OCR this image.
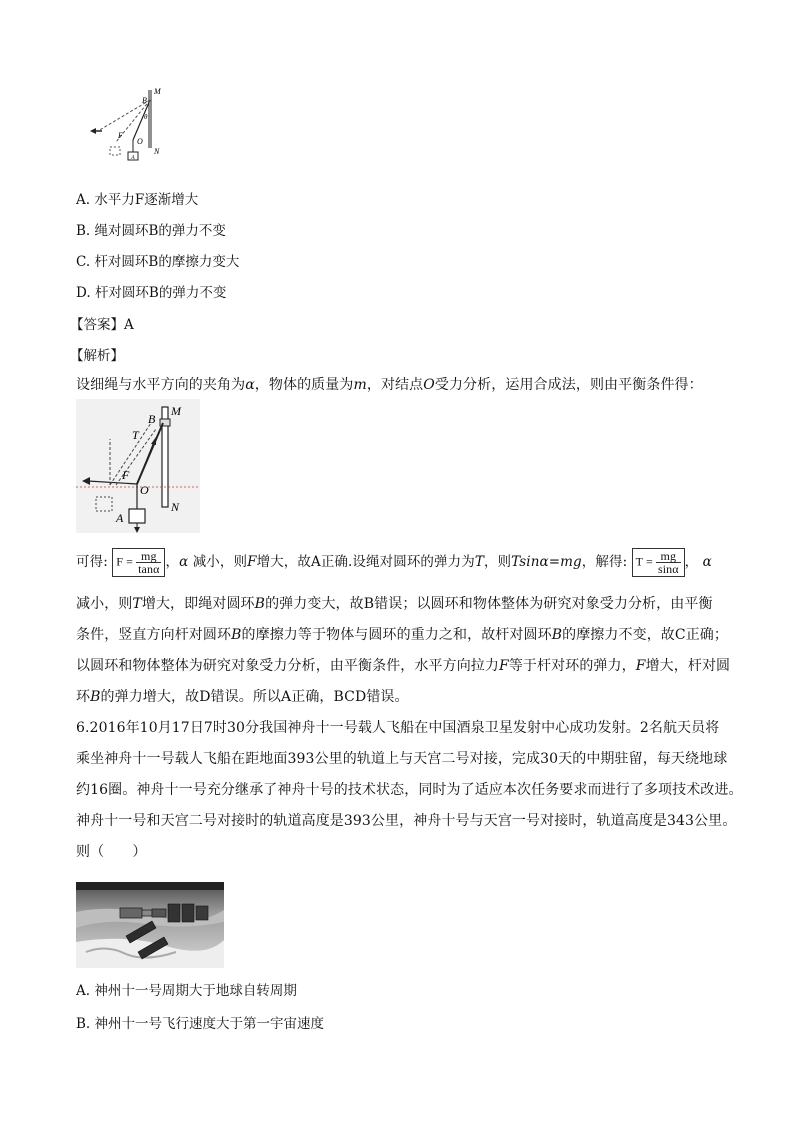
B
M
θ
F
O
N
A
A. 水平力F逐渐增大
B. 绳对圆环B的弹力不变
C. 杆对圆环B的摩擦力变大
D. 杆对圆环B的弹力不变
【答案】A
【解析】
设细绳与水平方向的夹角为α，物体的质量为m，对结点O受力分析，运用合成法，则由平衡条件得：
B
M
T
F
O
N
A
可得: $F = \frac{mg}{\tan\alpha}$ ，α 减小，则F增大，故A正确.设绳对圆环的弹力为T，则Tsinα=mg，解得: $T = \frac{mg}{\sin\alpha}$ ， α
减小，则T增大，即绳对圆环B的弹力变大，故B错误；以圆环和物体整体为研究对象受力分析，由平衡
条件，竖直方向杆对圆环B的摩擦力等于物体与圆环的重力之和，故杆对圆环B的摩擦力不变，故C正确；
以圆环和物体整体为研究对象受力分析，由平衡条件，水平方向拉力F等于杆对环的弹力，F增大，杆对圆
环B的弹力增大，故D错误。所以A正确，BCD错误。
6.2016年10月17日7时30分我国神舟十一号载人飞船在中国酒泉卫星发射中心成功发射。2名航天员将
乘坐神舟十一号载人飞船在距地面393公里的轨道上与天宫二号对接，完成30天的中期驻留，每天绕地球
约16圈。神舟十一号充分继承了神舟十号的技术状态，同时为了适应本次任务要求而进行了多项技术改进。
神舟十一号和天宫二号对接时的轨道高度是393公里，神舟十号与天宫一号对接时，轨道高度是343公里。
则（　　）
A. 神州十一号周期大于地球自转周期
B. 神州十一号飞行速度大于第一宇宙速度
